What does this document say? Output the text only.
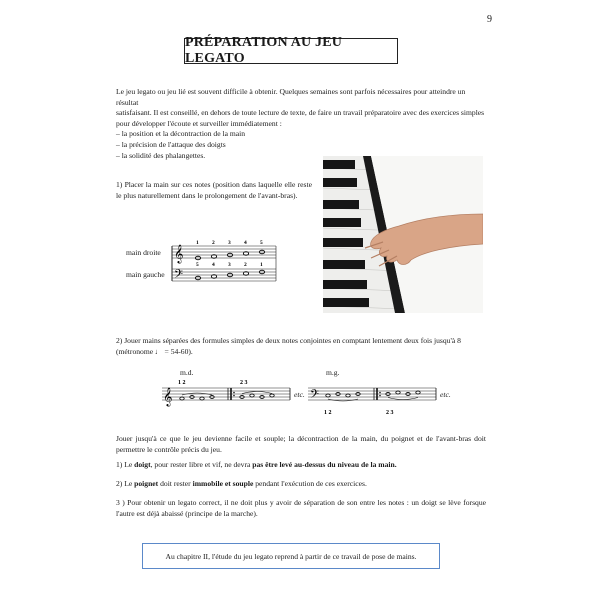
9
PRÉPARATION AU JEU LEGATO
Le jeu legato ou jeu lié est souvent difficile à obtenir. Quelques semaines sont parfois nécessaires pour atteindre un résultat
satisfaisant. Il est conseillé, en dehors de toute lecture de texte, de faire un travail préparatoire avec des exercices simples
pour développer l'écoute et surveiller immédiatement :
– la position et la décontraction de la main
– la précision de l'attaque des doigts
– la solidité des phalangettes.
1) Placer la main sur ces notes (position dans laquelle elle reste le plus naturellement dans le prolongement de l'avant-bras).
main droite
main gauche
𝄞
𝄢
1 2 3 4 5
5 4 3 2 1
2) Jouer mains séparées des formules simples de deux notes conjointes en comptant lentement deux fois jusqu'à 8
(métronome ♩ = 54-60).
m.d.	m.g.
etc.	etc.
𝄞	𝄢
1 2	2 3
1 2	2 3
Jouer jusqu'à ce que le jeu devienne facile et souple; la décontraction de la main, du poignet et de l'avant-bras doit permettre le contrôle précis du jeu.
1) Le doigt, pour rester libre et vif, ne devra pas être levé au-dessus du niveau de la main.
2) Le poignet doit rester immobile et souple pendant l'exécution de ces exercices.
3 ) Pour obtenir un legato correct, il ne doit plus y avoir de séparation de son entre les notes : un doigt se lève forsque l'autre est déjà abaissé (principe de la marche).
Au chapitre II, l'étude du jeu legato reprend à partir de ce travail de pose de mains.
